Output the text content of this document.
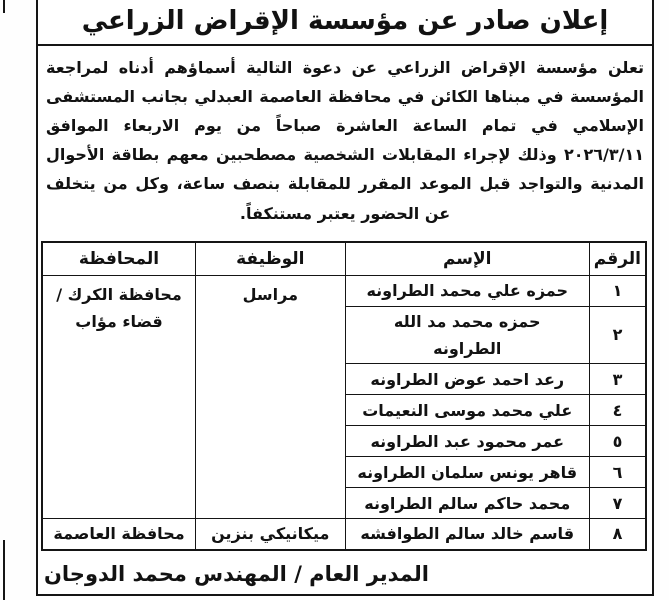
إعلان صادر عن مؤسسة الإقراض الزراعي
تعلن مؤسسة الإقراض الزراعي عن دعوة التالية أسماؤهم أدناه لمراجعة المؤسسة في مبناها الكائن في محافظة العاصمة العبدلي بجانب المستشفى الإسلامي في تمام الساعة العاشرة صباحاً من يوم الاربعاء الموافق ٢٠٢٦/٣/١١ وذلك لإجراء المقابلات الشخصية مصطحبين معهم بطاقة الأحوال المدنية والتواجد قبل الموعد المقرر للمقابلة بنصف ساعة، وكل من يتخلف عن الحضور يعتبر مستنكفاً.
الرقم	الإسم	الوظيفة	المحافظة
١	حمزه علي محمد الطراونه	مراسل	محافظة الكرك / قضاء مؤاب
٢	حمزه محمد مد الله الطراونه		
٣	رعد احمد عوض الطراونه		
٤	علي محمد موسى النعيمات		
٥	عمر محمود عبد الطراونه		
٦	قاهر يونس سلمان الطراونه		
٧	محمد حاكم سالم الطراونه		
٨	قاسم خالد سالم الطوافشه	ميكانيكي بنزين	محافظة العاصمة
المدير العام / المهندس محمد الدوجان
